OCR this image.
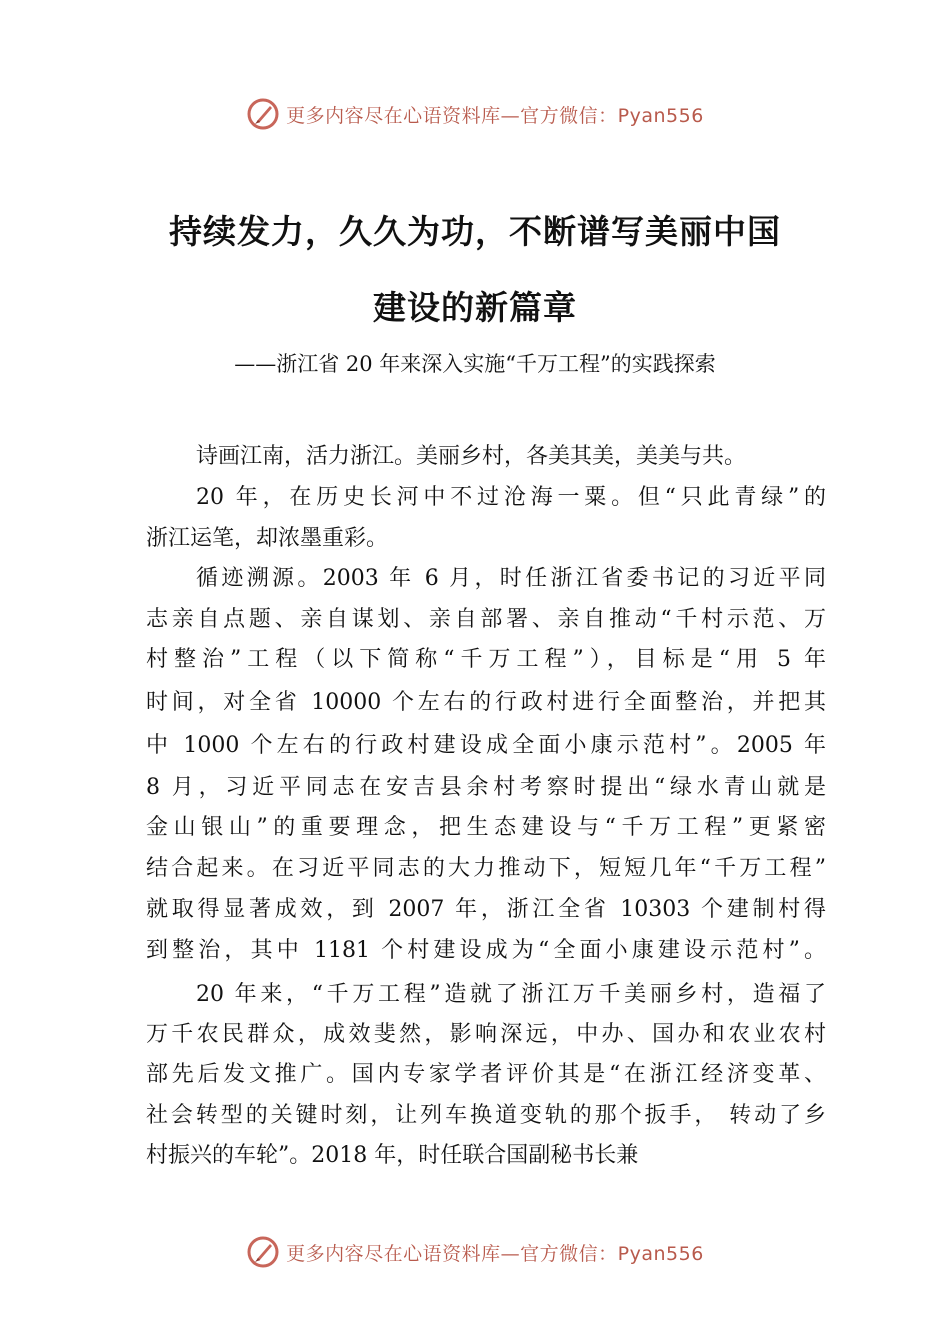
更多内容尽在心语资料库—官方微信：Pyan556
持续发力，久久为功，不断谱写美丽中国
建设的新篇章
——浙江省 20 年来深入实施“千万工程”的实践探索
诗画江南，活力浙江。美丽乡村，各美其美，美美与共。
20 年，在历史长河中不过沧海一粟。但“只此青绿”的
浙江运笔，却浓墨重彩。
循迹溯源。2003 年 6 月，时任浙江省委书记的习近平同
志亲自点题、亲自谋划、亲自部署、亲自推动“千村示范、万
村整治”工程（以下简称“千万工程”），目标是“用 5 年
时间，对全省 10000 个左右的行政村进行全面整治，并把其
中 1000 个左右的行政村建设成全面小康示范村”。2005 年
8 月，习近平同志在安吉县余村考察时提出“绿水青山就是
金山银山”的重要理念，把生态建设与“千万工程”更紧密
结合起来。在习近平同志的大力推动下，短短几年“千万工程”
就取得显著成效，到 2007 年，浙江全省 10303 个建制村得
到整治，其中 1181 个村建设成为“全面小康建设示范村”。
20 年来，“千万工程”造就了浙江万千美丽乡村，造福了
万千农民群众，成效斐然，影响深远，中办、国办和农业农村
部先后发文推广。国内专家学者评价其是“在浙江经济变革、
社会转型的关键时刻，让列车换道变轨的那个扳手， 转动了乡
村振兴的车轮”。2018 年，时任联合国副秘书长兼
更多内容尽在心语资料库—官方微信：Pyan556
